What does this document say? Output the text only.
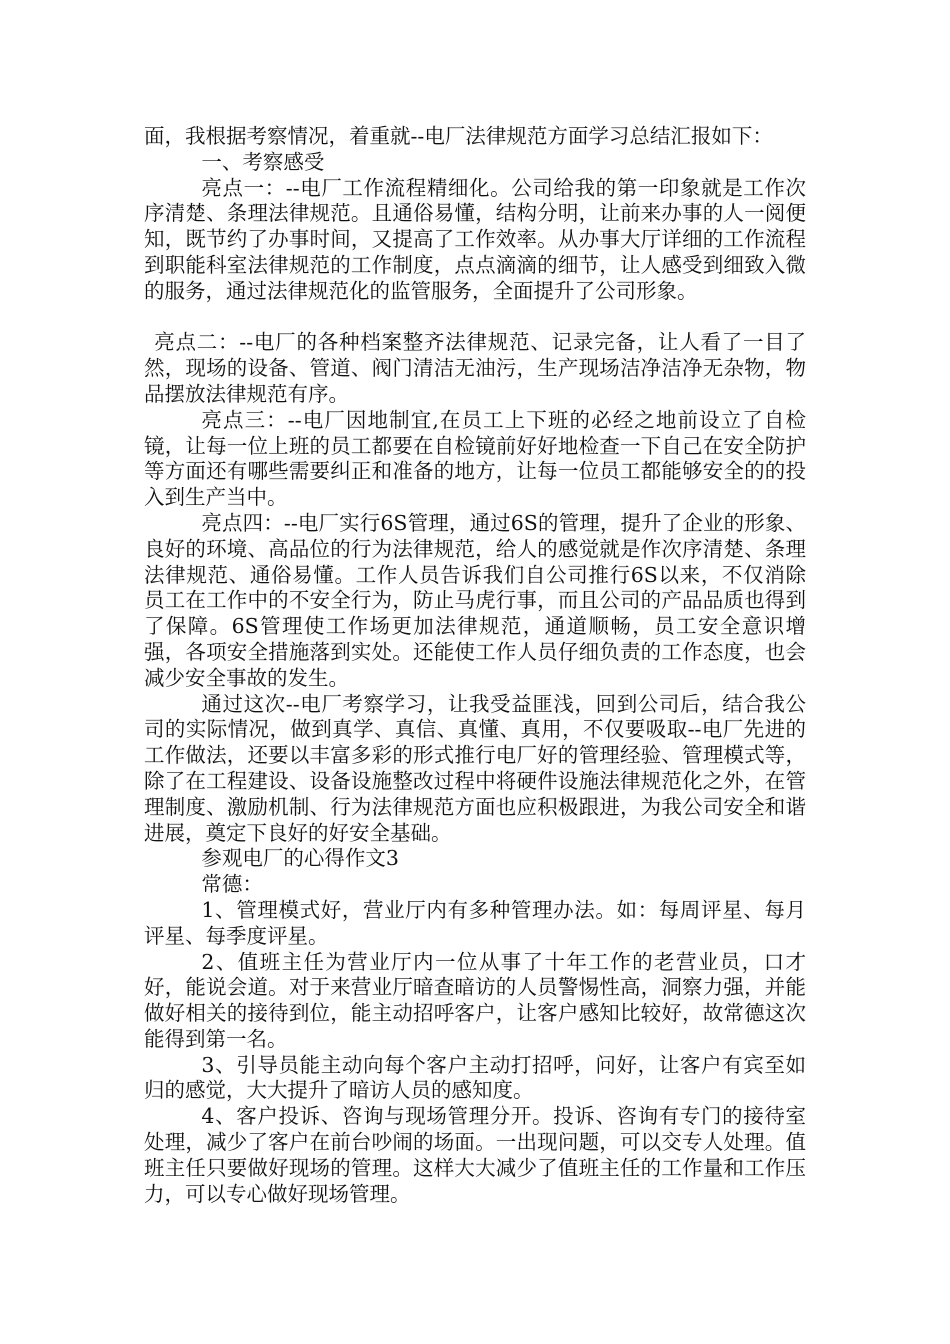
面，我根据考察情况，着重就--电厂法律规范方面学习总结汇报如下：

一、考察感受

亮点一：--电厂工作流程精细化。公司给我的第一印象就是工作次序清楚、条理法律规范。且通俗易懂，结构分明，让前来办事的人一阅便知，既节约了办事时间，又提高了工作效率。从办事大厅详细的工作流程到职能科室法律规范的工作制度，点点滴滴的细节，让人感受到细致入微的服务，通过法律规范化的监管服务，全面提升了公司形象。

亮点二：--电厂的各种档案整齐法律规范、记录完备，让人看了一目了然，现场的设备、管道、阀门清洁无油污，生产现场洁净洁净无杂物，物品摆放法律规范有序。

亮点三：--电厂因地制宜,在员工上下班的必经之地前设立了自检镜，让每一位上班的员工都要在自检镜前好好地检查一下自己在安全防护等方面还有哪些需要纠正和准备的地方，让每一位员工都能够安全的的投入到生产当中。

亮点四：--电厂实行6S管理，通过6S的管理，提升了企业的形象、良好的环境、高品位的行为法律规范，给人的感觉就是作次序清楚、条理法律规范、通俗易懂。工作人员告诉我们自公司推行6S以来，不仅消除员工在工作中的不安全行为，防止马虎行事，而且公司的产品品质也得到了保障。6S管理使工作场更加法律规范，通道顺畅，员工安全意识增强，各项安全措施落到实处。还能使工作人员仔细负责的工作态度，也会减少安全事故的发生。

通过这次--电厂考察学习，让我受益匪浅，回到公司后，结合我公司的实际情况，做到真学、真信、真懂、真用，不仅要吸取--电厂先进的工作做法，还要以丰富多彩的形式推行电厂好的管理经验、管理模式等，除了在工程建设、设备设施整改过程中将硬件设施法律规范化之外，在管理制度、激励机制、行为法律规范方面也应积极跟进，为我公司安全和谐进展，奠定下良好的好安全基础。

参观电厂的心得作文3

常德：

1、管理模式好，营业厅内有多种管理办法。如：每周评星、每月评星、每季度评星。

2、值班主任为营业厅内一位从事了十年工作的老营业员，口才好，能说会道。对于来营业厅暗查暗访的人员警惕性高，洞察力强，并能做好相关的接待到位，能主动招呼客户，让客户感知比较好，故常德这次能得到第一名。

3、引导员能主动向每个客户主动打招呼，问好，让客户有宾至如归的感觉，大大提升了暗访人员的感知度。

4、客户投诉、咨询与现场管理分开。投诉、咨询有专门的接待室处理，减少了客户在前台吵闹的场面。一出现问题，可以交专人处理。值班主任只要做好现场的管理。这样大大减少了值班主任的工作量和工作压力，可以专心做好现场管理。
